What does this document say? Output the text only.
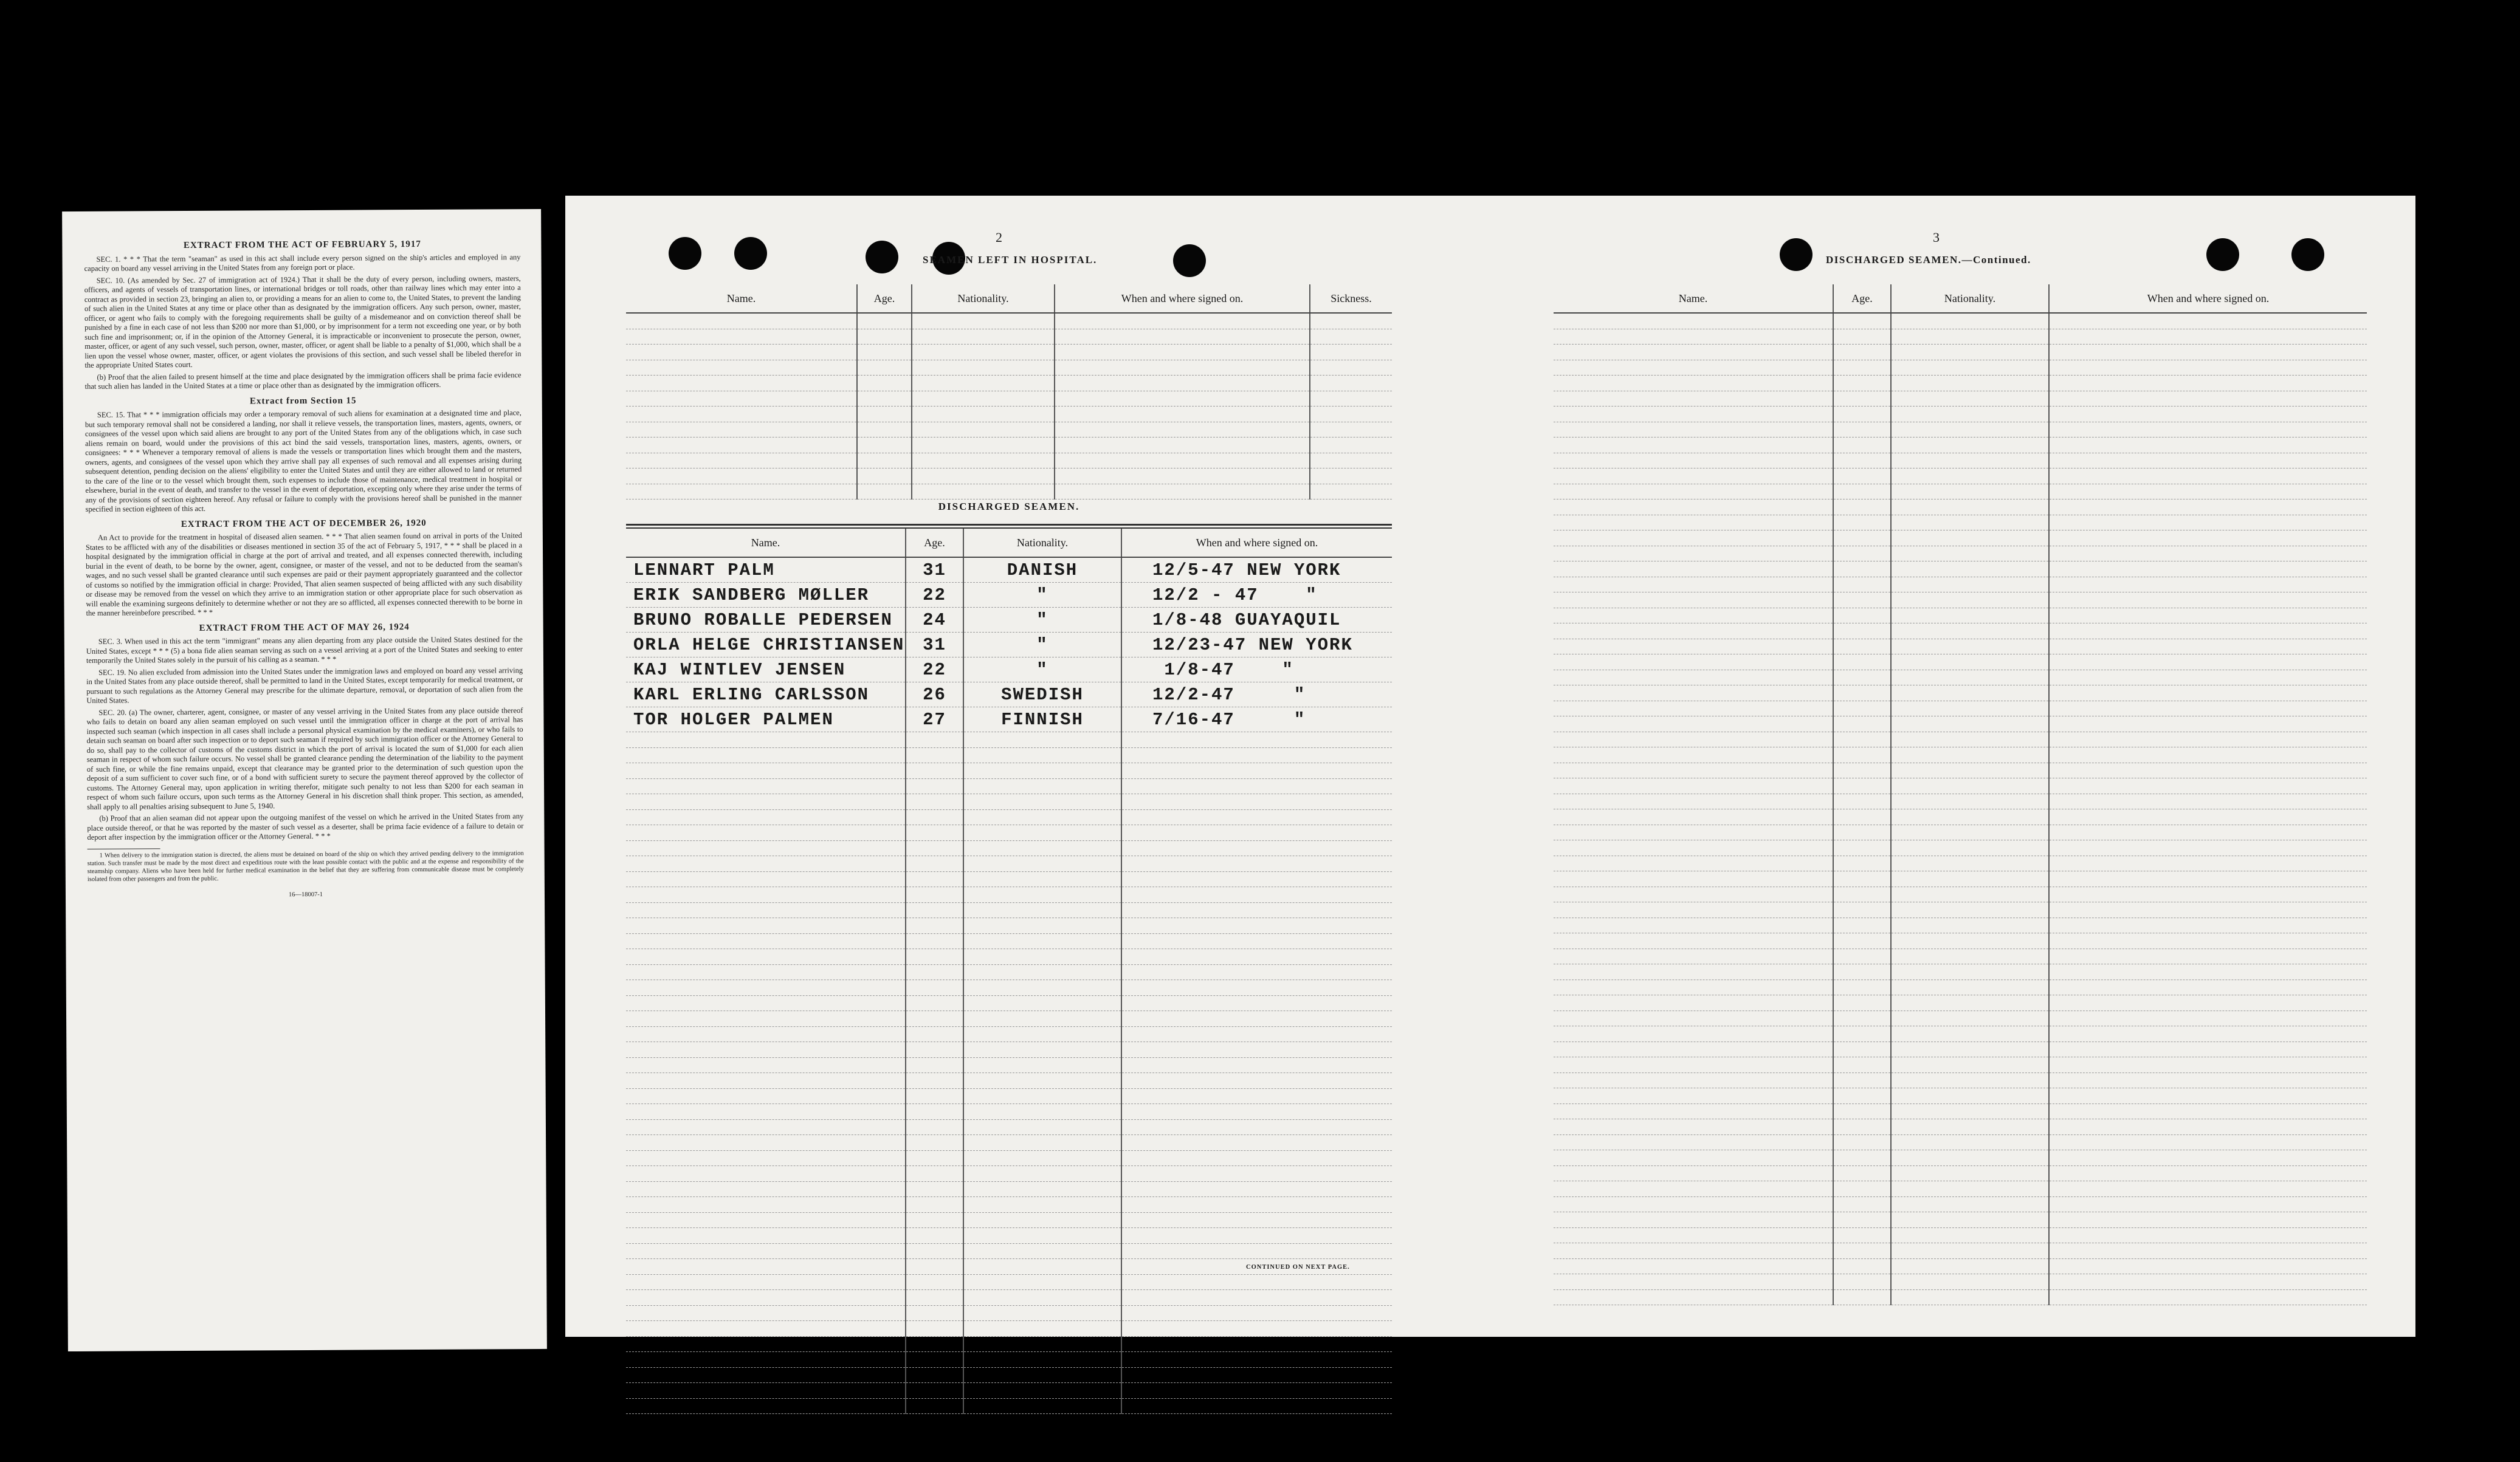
EXTRACT FROM THE ACT OF FEBRUARY 5, 1917

SEC. 1. * * * That the term "seaman" as used in this act shall include every person signed on the ship's articles and employed in any capacity on board any vessel arriving in the United States from any foreign port or place.

SEC. 10. (As amended by Sec. 27 of immigration act of 1924.) That it shall be the duty of every person, including owners, masters, officers, and agents of vessels of transportation lines, or international bridges or toll roads, other than railway lines which may enter into a contract as provided in section 23, bringing an alien to, or providing a means for an alien to come to, the United States, to prevent the landing of such alien in the United States at any time or place other than as designated by the immigration officers. Any such person, owner, master, officer, or agent who fails to comply with the foregoing requirements shall be guilty of a misdemeanor and on conviction thereof shall be punished by a fine in each case of not less than $200 nor more than $1,000, or by imprisonment for a term not exceeding one year, or by both such fine and imprisonment; or, if in the opinion of the Attorney General, it is impracticable or inconvenient to prosecute the person, owner, master, officer, or agent of any such vessel, such person, owner, master, officer, or agent shall be liable to a penalty of $1,000, which shall be a lien upon the vessel whose owner, master, officer, or agent violates the provisions of this section, and such vessel shall be libeled therefor in the appropriate United States court.

(b) Proof that the alien failed to present himself at the time and place designated by the immigration officers shall be prima facie evidence that such alien has landed in the United States at a time or place other than as designated by the immigration officers.

Extract from Section 15

SEC. 15. That * * * immigration officials may order a temporary removal of such aliens for examination at a designated time and place, but such temporary removal shall not be considered a landing, nor shall it relieve vessels, the transportation lines, masters, agents, owners, or consignees of the vessel upon which said aliens are brought to any port of the United States from any of the obligations which, in case such aliens remain on board, would under the provisions of this act bind the said vessels, transportation lines, masters, agents, owners, or consignees: * * * Whenever a temporary removal of aliens is made the vessels or transportation lines which brought them and the masters, owners, agents, and consignees of the vessel upon which they arrive shall pay all expenses of such removal and all expenses arising during subsequent detention, pending decision on the aliens' eligibility to enter the United States and until they are either allowed to land or returned to the care of the line or to the vessel which brought them, such expenses to include those of maintenance, medical treatment in hospital or elsewhere, burial in the event of death, and transfer to the vessel in the event of deportation, excepting only where they arise under the terms of any of the provisions of section eighteen hereof. Any refusal or failure to comply with the provisions hereof shall be punished in the manner specified in section eighteen of this act.

EXTRACT FROM THE ACT OF DECEMBER 26, 1920

An Act to provide for the treatment in hospital of diseased alien seamen. * * * That alien seamen found on arrival in ports of the United States to be afflicted with any of the disabilities or diseases mentioned in section 35 of the act of February 5, 1917, * * * shall be placed in a hospital designated by the immigration official in charge at the port of arrival and treated, and all expenses connected therewith, including burial in the event of death, to be borne by the owner, agent, consignee, or master of the vessel, and not to be deducted from the seaman's wages, and no such vessel shall be granted clearance until such expenses are paid or their payment appropriately guaranteed and the collector of customs so notified by the immigration official in charge: Provided, That alien seamen suspected of being afflicted with any such disability or disease may be removed from the vessel on which they arrive to an immigration station or other appropriate place for such observation as will enable the examining surgeons definitely to determine whether or not they are so afflicted, all expenses connected therewith to be borne in the manner hereinbefore prescribed. * * *

EXTRACT FROM THE ACT OF MAY 26, 1924

SEC. 3. When used in this act the term "immigrant" means any alien departing from any place outside the United States destined for the United States, except * * * (5) a bona fide alien seaman serving as such on a vessel arriving at a port of the United States and seeking to enter temporarily the United States solely in the pursuit of his calling as a seaman. * * *

SEC. 19. No alien excluded from admission into the United States under the immigration laws and employed on board any vessel arriving in the United States from any place outside thereof, shall be permitted to land in the United States, except temporarily for medical treatment, or pursuant to such regulations as the Attorney General may prescribe for the ultimate departure, removal, or deportation of such alien from the United States.

SEC. 20. (a) The owner, charterer, agent, consignee, or master of any vessel arriving in the United States from any place outside thereof who fails to detain on board any alien seaman employed on such vessel until the immigration officer in charge at the port of arrival has inspected such seaman (which inspection in all cases shall include a personal physical examination by the medical examiners), or who fails to detain such seaman on board after such inspection or to deport such seaman if required by such immigration officer or the Attorney General to do so, shall pay to the collector of customs of the customs district in which the port of arrival is located the sum of $1,000 for each alien seaman in respect of whom such failure occurs. No vessel shall be granted clearance pending the determination of the liability to the payment of such fine, or while the fine remains unpaid, except that clearance may be granted prior to the determination of such question upon the deposit of a sum sufficient to cover such fine, or of a bond with sufficient surety to secure the payment thereof approved by the collector of customs. The Attorney General may, upon application in writing therefor, mitigate such penalty to not less than $200 for each seaman in respect of whom such failure occurs, upon such terms as the Attorney General in his discretion shall think proper. This section, as amended, shall apply to all penalties arising subsequent to June 5, 1940.

(b) Proof that an alien seaman did not appear upon the outgoing manifest of the vessel on which he arrived in the United States from any place outside thereof, or that he was reported by the master of such vessel as a deserter, shall be prima facie evidence of a failure to detain or deport after inspection by the immigration officer or the Attorney General. * * *

1 When delivery to the immigration station is directed, the aliens must be detained on board of the ship on which they arrived pending delivery to the immigration station. Such transfer must be made by the most direct and expeditious route with the least possible contact with the public and at the expense and responsibility of the steamship company. Aliens who have been held for further medical examination in the belief that they are suffering from communicable disease must be completely isolated from other passengers and from the public.

16—18007-1
2
SEAMEN LEFT IN HOSPITAL.
Name.	Age.	Nationality.	When and where signed on.	Sickness.

DISCHARGED SEAMEN.
Name.	Age.	Nationality.	When and where signed on.
LENNART PALM	31	DANISH	12/5-47 NEW YORK
ERIK SANDBERG MØLLER	22	"	12/2 - 47    "
BRUNO ROBALLE PEDERSEN	24	"	1/8-48 GUAYAQUIL
ORLA HELGE CHRISTIANSEN	31	"	12/23-47 NEW YORK
KAJ WINTLEV JENSEN	22	"	1/8-47    "
KARL ERLING CARLSSON	26	SWEDISH	12/2-47     "
TOR HOLGER PALMEN	27	FINNISH	7/16-47     "

3
DISCHARGED SEAMEN.—Continued.
Name.	Age.	Nationality.	When and where signed on.

CONTINUED ON NEXT PAGE.
